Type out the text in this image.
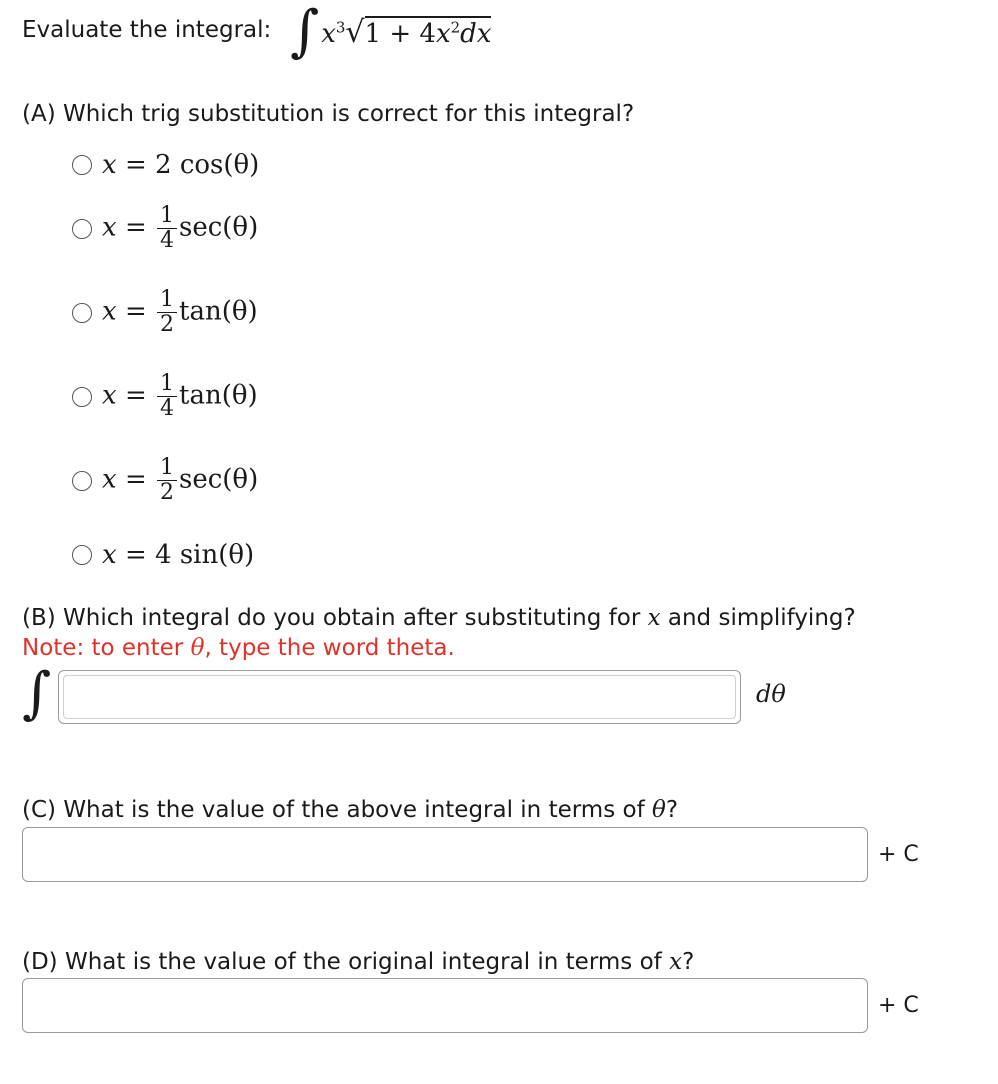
Evaluate the integral: ∫ $x^3√1 + 4x^2dx$
(A) Which trig substitution is correct for this integral?
x = 2 cos(θ)
$x = \frac{1}{4} \sec(\theta)$
$x = \frac{1}{2} \tan(\theta)$
$x = \frac{1}{4} \tan(\theta)$
$x = \frac{1}{2} \sec(\theta)$
x = 4 sin(θ)
(B) Which integral do you obtain after substituting for x and simplifying?
Note: to enter θ, type the word theta.
∫	dθ
(C) What is the value of the above integral in terms of θ?
+ C
(D) What is the value of the original integral in terms of x?
+ C
